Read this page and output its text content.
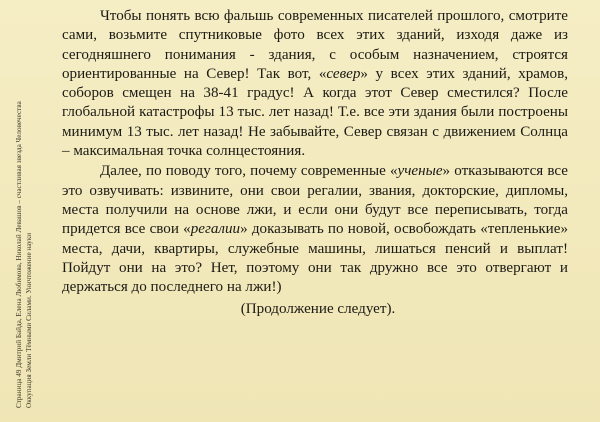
Страница 49 Дмитрий Байда, Елена Любимова, Николай Левашов – счастливая звезда Человечества Оккупация Земли Тёмными Силами. Уничтожение науки

Чтобы понять всю фальшь современных писателей прошлого, смотрите сами, возьмите спутниковые фото всех этих зданий, изходя даже из сегодняшнего понимания - здания, с особым назначением, строятся ориентированные на Север! Так вот, «север» у всех этих зданий, храмов, соборов смещен на 38-41 градус! А когда этот Север сместился? После глобальной катастрофы 13 тыс. лет назад! Т.е. все эти здания были построены минимум 13 тыс. лет назад! Не забывайте, Север связан с движением Солнца – максимальная точка солнцестояния.

Далее, по поводу того, почему современные «ученые» отказываются все это озвучивать: извините, они свои регалии, звания, докторские, дипломы, места получили на основе лжи, и если они будут все переписывать, тогда придется все свои «регалии» доказывать по новой, освобождать «тепленькие» места, дачи, квартиры, служебные машины, лишаться пенсий и выплат! Пойдут они на это? Нет, поэтому они так дружно все это отвергают и держаться до последнего на лжи!)

(Продолжение следует).
